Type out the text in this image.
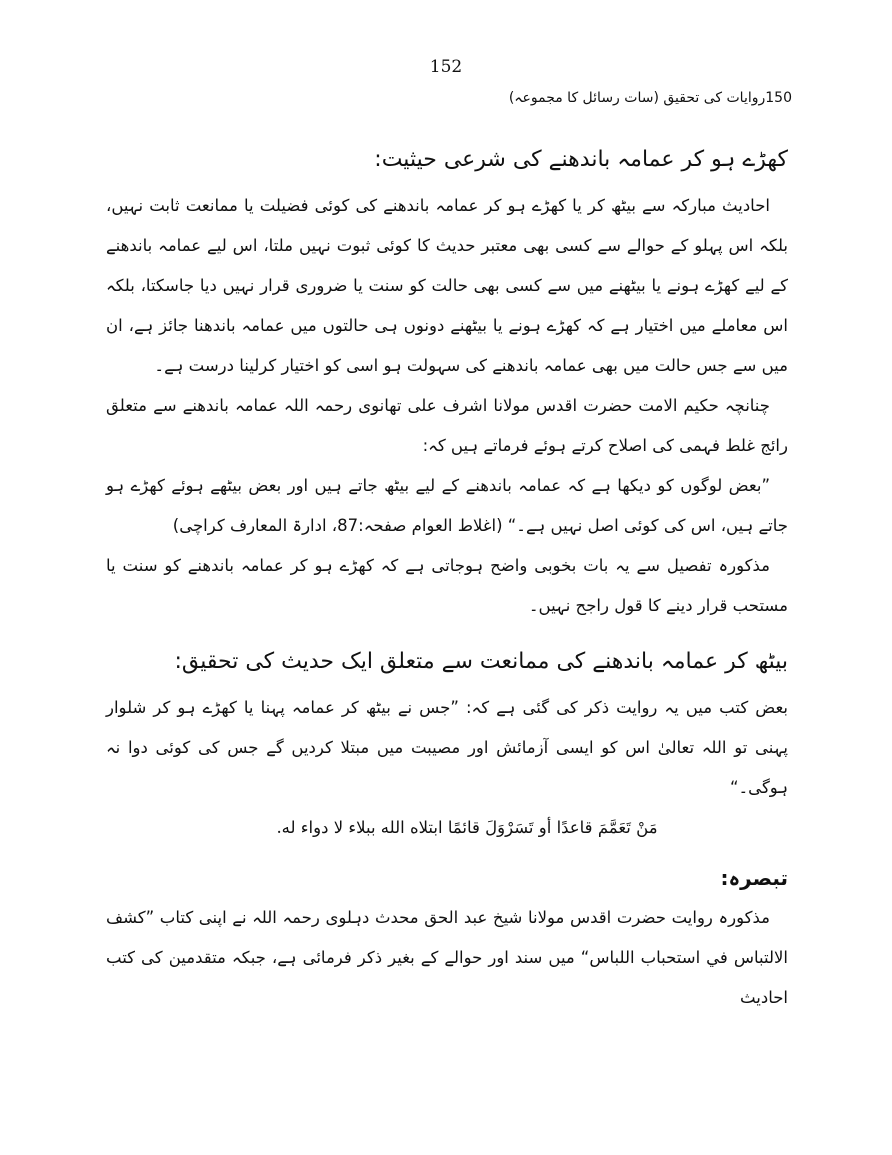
152
150روایات کی تحقیق (سات رسائل کا مجموعہ)
کھڑے ہو کر عمامہ باندھنے کی شرعی حیثیت:

احادیث مبارکہ سے بیٹھ کر یا کھڑے ہو کر عمامہ باندھنے کی کوئی فضیلت یا ممانعت ثابت نہیں، بلکہ اس پہلو کے حوالے سے کسی بھی معتبر حدیث کا کوئی ثبوت نہیں ملتا، اس لیے عمامہ باندھنے کے لیے کھڑے ہونے یا بیٹھنے میں سے کسی بھی حالت کو سنت یا ضروری قرار نہیں دیا جاسکتا، بلکہ اس معاملے میں اختیار ہے کہ کھڑے ہونے یا بیٹھنے دونوں ہی حالتوں میں عمامہ باندھنا جائز ہے، ان میں سے جس حالت میں بھی عمامہ باندھنے کی سہولت ہو اسی کو اختیار کرلینا درست ہے۔

چنانچہ حکیم الامت حضرت اقدس مولانا اشرف علی تھانوی رحمہ اللہ عمامہ باندھنے سے متعلق رائج غلط فہمی کی اصلاح کرتے ہوئے فرماتے ہیں کہ:

”بعض لوگوں کو دیکھا ہے کہ عمامہ باندھنے کے لیے بیٹھ جاتے ہیں اور بعض بیٹھے ہوئے کھڑے ہو جاتے ہیں، اس کی کوئی اصل نہیں ہے۔“ (اغلاط العوام صفحہ:87، ادارۃ المعارف کراچی)

مذکورہ تفصیل سے یہ بات بخوبی واضح ہوجاتی ہے کہ کھڑے ہو کر عمامہ باندھنے کو سنت یا مستحب قرار دینے کا قول راجح نہیں۔

بیٹھ کر عمامہ باندھنے کی ممانعت سے متعلق ایک حدیث کی تحقیق:

بعض کتب میں یہ روایت ذکر کی گئی ہے کہ: ”جس نے بیٹھ کر عمامہ پہنا یا کھڑے ہو کر شلوار پہنی تو اللہ تعالیٰ اس کو ایسی آزمائش اور مصیبت میں مبتلا کردیں گے جس کی کوئی دوا نہ ہوگی۔“

مَنْ تَعَمَّمَ قاعدًا أو تَسَرْوَلَ قائمًا ابتلاه الله ببلاء لا دواء له.

تبصرہ:

مذکورہ روایت حضرت اقدس مولانا شیخ عبد الحق محدث دہلوی رحمہ اللہ نے اپنی کتاب ”کشف الالتباس في استحباب اللباس“ میں سند اور حوالے کے بغیر ذکر فرمائی ہے، جبکہ متقدمین کی کتب احادیث
